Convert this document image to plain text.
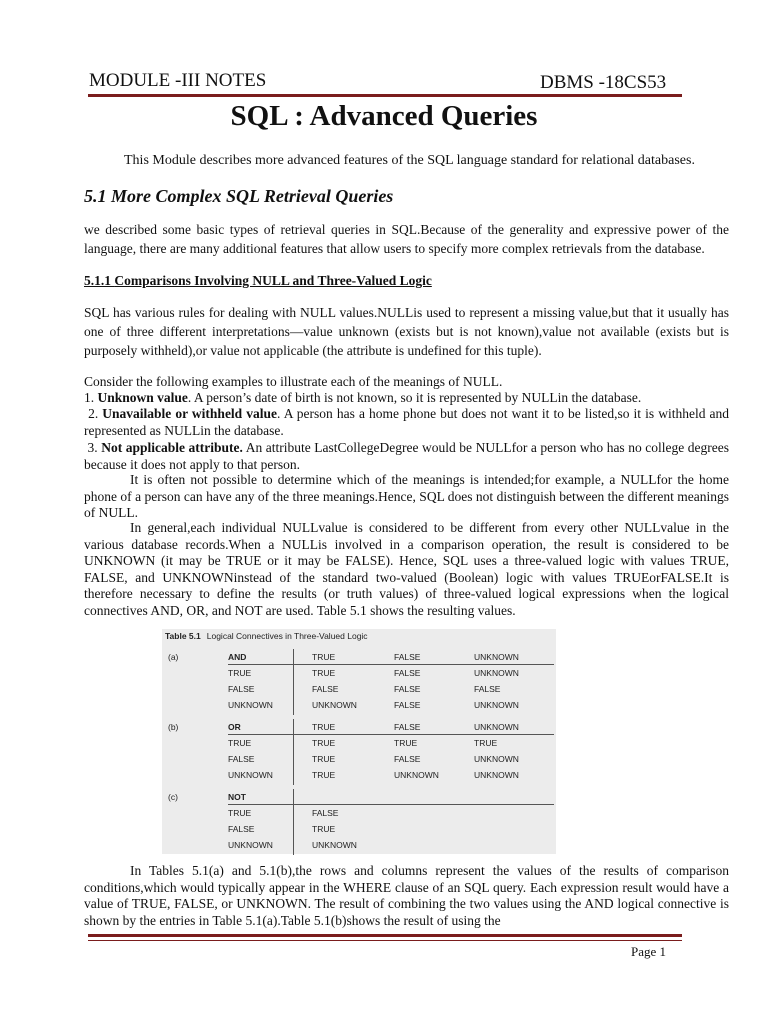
MODULE -III NOTES	DBMS -18CS53
SQL : Advanced Queries
This Module describes more advanced features of the SQL language standard for relational databases.
5.1 More Complex SQL Retrieval Queries

we described some basic types of retrieval queries in SQL.Because of the generality and expressive power of the language, there are many additional features that allow users to specify more complex retrievals from the database.

5.1.1 Comparisons Involving NULL and Three-Valued Logic

SQL has various rules for dealing with NULL values.NULLis used to represent a missing value,but that it usually has one of three different interpretations—value unknown (exists but is not known),value not available (exists but is purposely withheld),or value not applicable (the attribute is undefined for this tuple).

Consider the following examples to illustrate each of the meanings of NULL.

1. Unknown value. A person’s date of birth is not known, so it is represented by NULLin the database.

2. Unavailable or withheld value. A person has a home phone but does not want it to be listed,so it is withheld and represented as NULLin the database.

3. Not applicable attribute. An attribute LastCollegeDegree would be NULLfor a person who has no college degrees because it does not apply to that person.

It is often not possible to determine which of the meanings is intended;for example, a NULLfor the home phone of a person can have any of the three meanings.Hence, SQL does not distinguish between the different meanings of NULL.

In general,each individual NULLvalue is considered to be different from every other NULLvalue in the various database records.When a NULLis involved in a comparison operation, the result is considered to be UNKNOWN (it may be TRUE or it may be FALSE). Hence, SQL uses a three-valued logic with values TRUE, FALSE, and UNKNOWNinstead of the standard two-valued (Boolean) logic with values TRUEorFALSE.It is therefore necessary to define the results (or truth values) of three-valued logical expressions when the logical connectives AND, OR, and NOT are used. Table 5.1 shows the resulting values.

Table 5.1 Logical Connectives in Three-Valued Logic
(a)	AND	TRUE	FALSE	UNKNOWN
TRUE	TRUE	FALSE	UNKNOWN
FALSE	FALSE	FALSE	FALSE
UNKNOWN	UNKNOWN	FALSE	UNKNOWN
(b)	OR	TRUE	FALSE	UNKNOWN
TRUE	TRUE	TRUE	TRUE
FALSE	TRUE	FALSE	UNKNOWN
UNKNOWN	TRUE	UNKNOWN	UNKNOWN
(c)	NOT
TRUE	FALSE
FALSE	TRUE
UNKNOWN	UNKNOWN

In Tables 5.1(a) and 5.1(b),the rows and columns represent the values of the results of comparison conditions,which would typically appear in the WHERE clause of an SQL query. Each expression result would have a value of TRUE, FALSE, or UNKNOWN. The result of combining the two values using the AND logical connective is shown by the entries in Table 5.1(a).Table 5.1(b)shows the result of using the

Page 1
